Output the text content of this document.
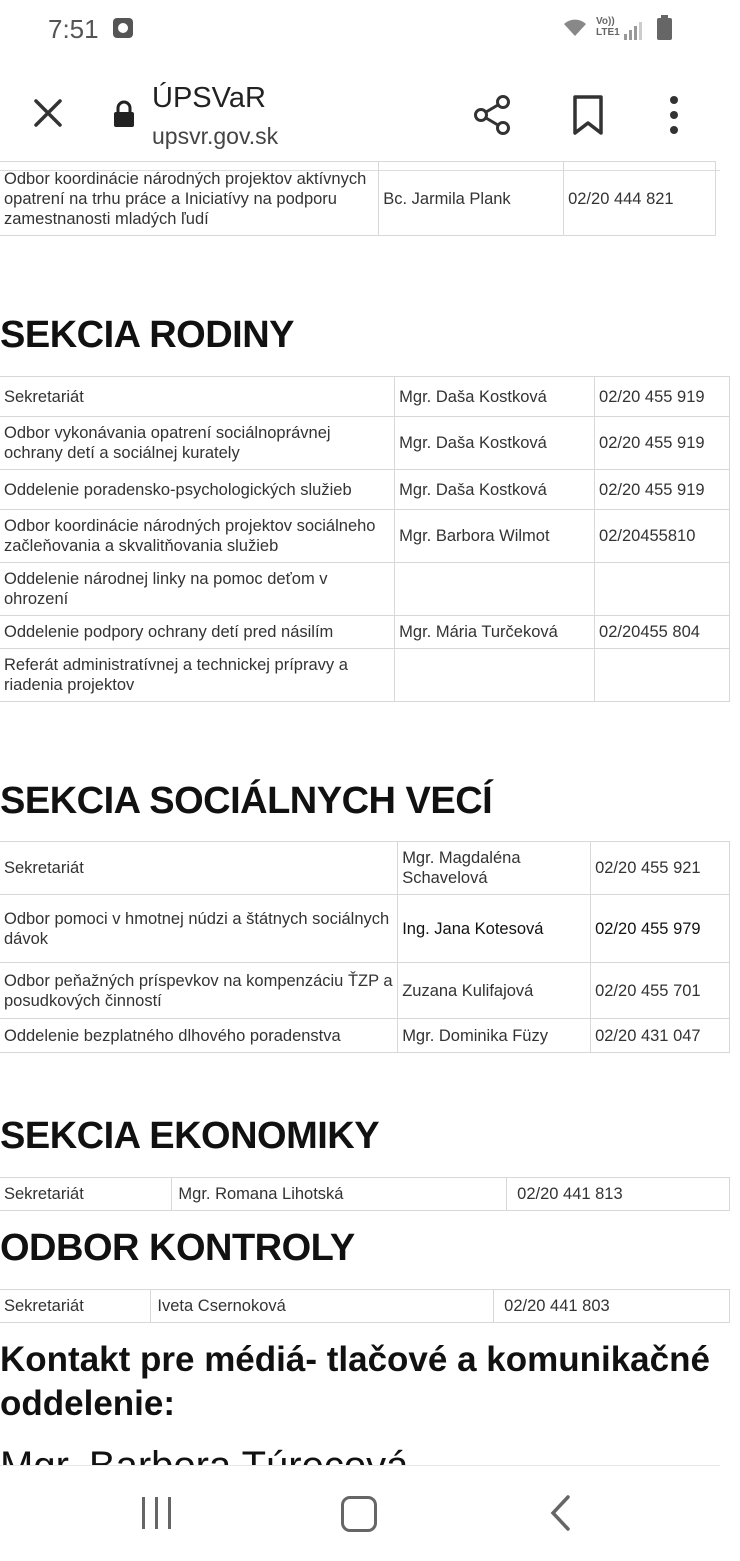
7:51	Vo)) LTE1
ÚPSVaR
upsvr.gov.sk
Odbor koordinácie národných projektov aktívnych opatrení na trhu práce a Iniciatívy na podporu zamestnanosti mladých ľudí	Bc. Jarmila Plank	02/20 444 821
SEKCIA RODINY
Sekretariát	Mgr. Daša Kostková	02/20 455 919
Odbor vykonávania opatrení sociálnoprávnej ochrany detí a sociálnej kurately	Mgr. Daša Kostková	02/20 455 919
Oddelenie poradensko-psychologických služieb	Mgr. Daša Kostková	02/20 455 919
Odbor koordinácie národných projektov sociálneho začleňovania a skvalitňovania služieb	Mgr. Barbora Wilmot	02/20455810
Oddelenie národnej linky na pomoc deťom v ohrození		
Oddelenie podpory ochrany detí pred násilím	Mgr. Mária Turčeková	02/20455 804
Referát administratívnej a technickej prípravy a riadenia projektov		
SEKCIA SOCIÁLNYCH VECÍ
Sekretariát	Mgr. Magdaléna Schavelová	02/20 455 921
Odbor pomoci v hmotnej núdzi a štátnych sociálnych dávok	Ing. Jana Kotesová	02/20 455 979
Odbor peňažných príspevkov na kompenzáciu ŤZP a posudkových činností	Zuzana Kulifajová	02/20 455 701
Oddelenie bezplatného dlhového poradenstva	Mgr. Dominika Füzy	02/20 431 047
SEKCIA EKONOMIKY
Sekretariát	Mgr. Romana Lihotská	02/20 441 813
ODBOR KONTROLY
Sekretariát	Iveta Csernoková	02/20 441 803
Kontakt pre médiá- tlačové a komunikačné oddelenie:
